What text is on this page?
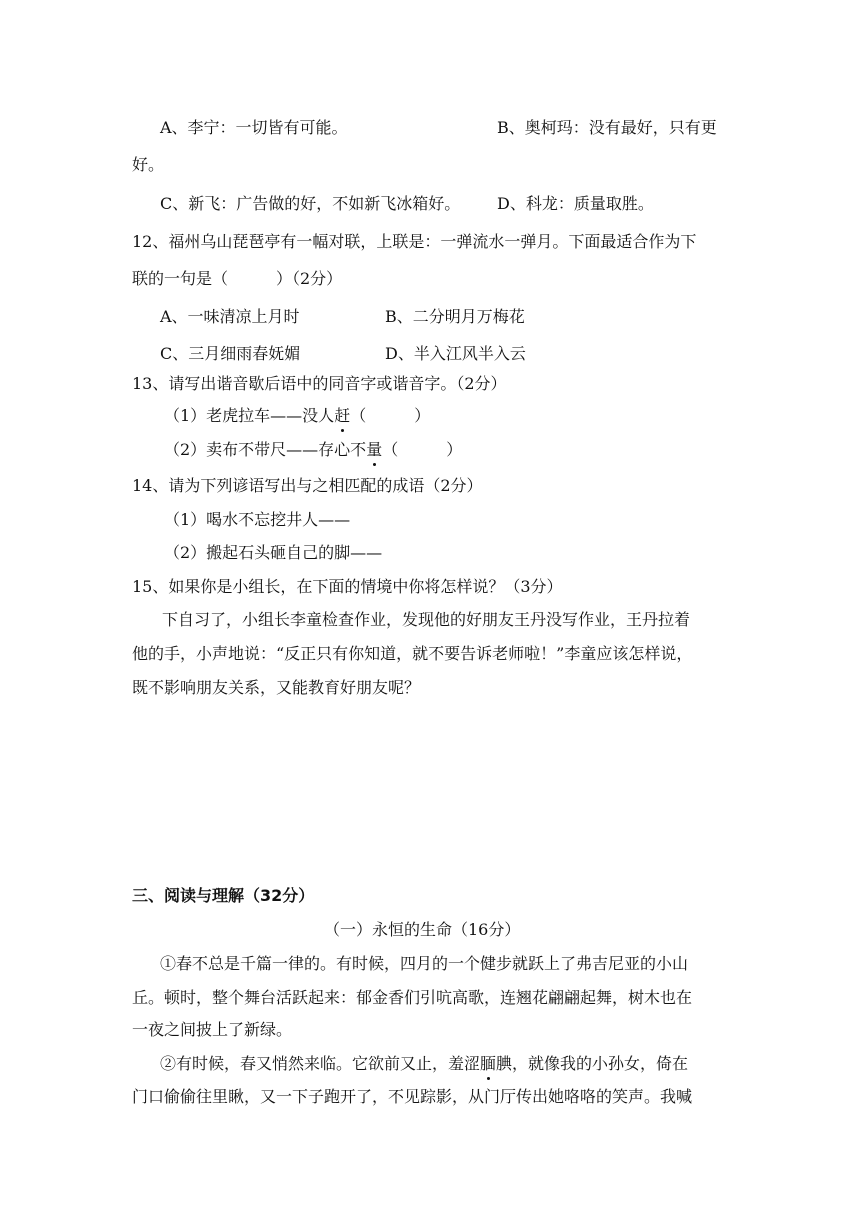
A、李宁：一切皆有可能。	B、奥柯玛：没有最好，只有更
好。
C、新飞：广告做的好，不如新飞冰箱好。 D、科龙：质量取胜。
12、福州乌山琵琶亭有一幅对联，上联是：一弹流水一弹月。下面最适合作为下
联的一句是（　　　）（2分）
A、一味清凉上月时	B、二分明月万梅花
C、三月细雨春妩媚	D、半入江风半入云
13、请写出谐音歇后语中的同音字或谐音字。（2分）
（1）老虎拉车——没人赶（　　　）
（2）卖布不带尺——存心不量（　　　）
14、请为下列谚语写出与之相匹配的成语（2分）
（1）喝水不忘挖井人——
（2）搬起石头砸自己的脚——
15、如果你是小组长，在下面的情境中你将怎样说？（3分）
下自习了，小组长李童检查作业，发现他的好朋友王丹没写作业，王丹拉着
他的手，小声地说：“反正只有你知道，就不要告诉老师啦！”李童应该怎样说，
既不影响朋友关系，又能教育好朋友呢？
三、阅读与理解（32分）
（一）永恒的生命（16分）
①春不总是千篇一律的。有时候，四月的一个健步就跃上了弗吉尼亚的小山
丘。顿时，整个舞台活跃起来：郁金香们引吭高歌，连翘花翩翩起舞，树木也在
一夜之间披上了新绿。
②有时候，春又悄然来临。它欲前又止，羞涩腼腆，就像我的小孙女，倚在
门口偷偷往里瞅，又一下子跑开了，不见踪影，从门厅传出她咯咯的笑声。我喊
